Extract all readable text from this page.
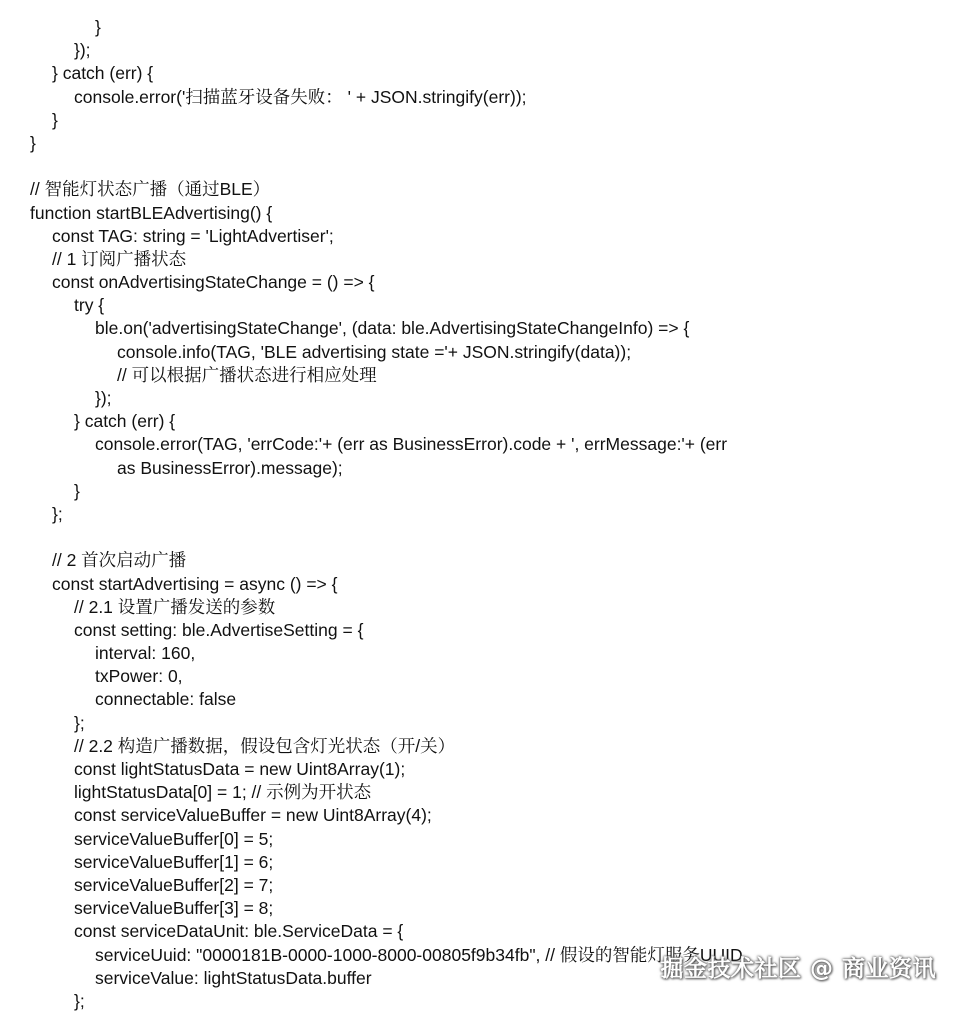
}
});
} catch (err) {
console.error('扫描蓝牙设备失败： ' + JSON.stringify(err));
}
}
// 智能灯状态广播（通过BLE）
function startBLEAdvertising() {
const TAG: string = 'LightAdvertiser';
// 1 订阅广播状态
const onAdvertisingStateChange = () => {
try {
ble.on('advertisingStateChange', (data: ble.AdvertisingStateChangeInfo) => {
console.info(TAG, 'BLE advertising state ='+ JSON.stringify(data));
// 可以根据广播状态进行相应处理
});
} catch (err) {
console.error(TAG, 'errCode:'+ (err as BusinessError).code + ', errMessage:'+ (err
as BusinessError).message);
}
};
// 2 首次启动广播
const startAdvertising = async () => {
// 2.1 设置广播发送的参数
const setting: ble.AdvertiseSetting = {
interval: 160,
txPower: 0,
connectable: false
};
// 2.2 构造广播数据，假设包含灯光状态（开/关）
const lightStatusData = new Uint8Array(1);
lightStatusData[0] = 1; // 示例为开状态
const serviceValueBuffer = new Uint8Array(4);
serviceValueBuffer[0] = 5;
serviceValueBuffer[1] = 6;
serviceValueBuffer[2] = 7;
serviceValueBuffer[3] = 8;
const serviceDataUnit: ble.ServiceData = {
serviceUuid: "0000181B-0000-1000-8000-00805f9b34fb", // 假设的智能灯服务UUID
serviceValue: lightStatusData.buffer
};
掘金技术社区 @ 商业资讯
